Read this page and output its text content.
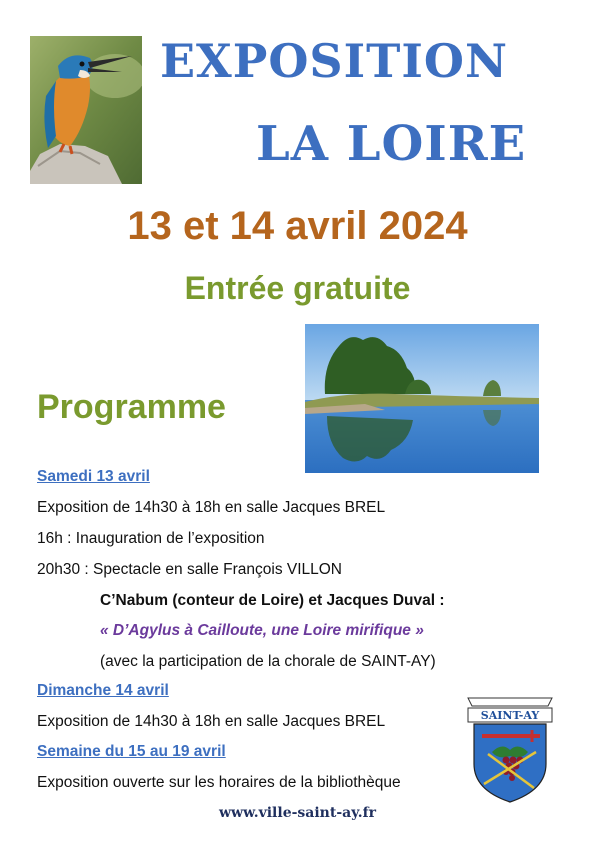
EXPOSITION
LA LOIRE
13 et 14 avril 2024
Entrée gratuite
Programme
Samedi 13 avril
Exposition de 14h30 à 18h en salle Jacques BREL
16h : Inauguration de l’exposition
20h30 : Spectacle en salle François VILLON
C’Nabum (conteur de Loire) et Jacques Duval :
« D’Agylus à Cailloute, une Loire mirifique »
(avec la participation de la chorale de SAINT-AY)
Dimanche 14 avril
Exposition de 14h30 à 18h en salle Jacques BREL
Semaine du 15 au 19 avril
Exposition ouverte sur les horaires de la bibliothèque
www.ville-saint-ay.fr
SAINT-AY
